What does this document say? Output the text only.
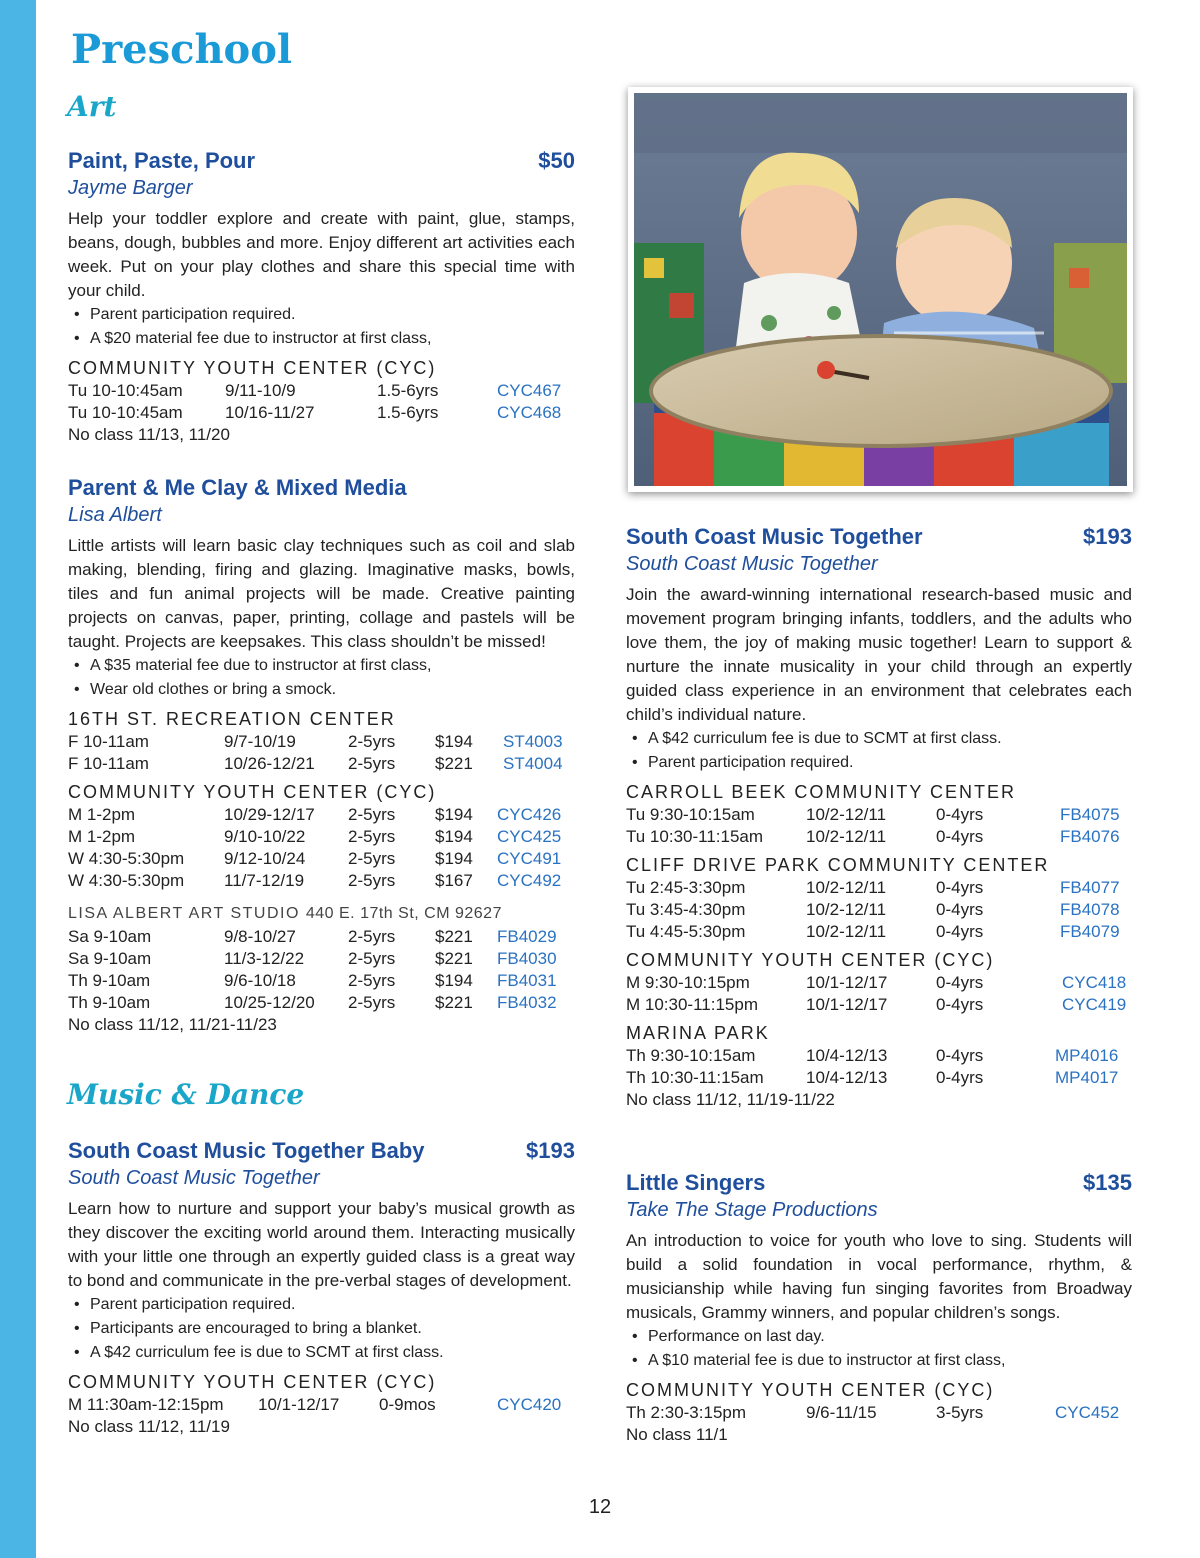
Preschool
Art
Paint, Paste, Pour	$50
Jayme Barger

Help your toddler explore and create with paint, glue, stamps, beans, dough, bubbles and more. Enjoy different art activities each week. Put on your play clothes and share this special time with your child.

• Parent participation required.
• A $20 material fee due to instructor at first class,
COMMUNITY YOUTH CENTER (CYC)
Tu 10-10:45am 9/11-10/9	1.5-6yrs	CYC467
Tu 10-10:45am 10/16-11/27	1.5-6yrs	CYC468
No class 11/13, 11/20
Parent & Me Clay & Mixed Media
Lisa Albert

Little artists will learn basic clay techniques such as coil and slab making, blending, firing and glazing. Imaginative masks, bowls, tiles and fun animal projects will be made. Creative painting projects on canvas, paper, printing, collage and pastels will be taught. Projects are keepsakes. This class shouldn’t be missed!

• A $35 material fee due to instructor at first class,
• Wear old clothes or bring a smock.
16TH ST. RECREATION CENTER
F 10-11am	9/7-10/19	2-5yrs $194 ST4003
F 10-11am	10/26-12/21 2-5yrs $221 ST4004
COMMUNITY YOUTH CENTER (CYC)
M 1-2pm	10/29-12/17 2-5yrs $194 CYC426
M 1-2pm	9/10-10/22	2-5yrs $194 CYC425
W 4:30-5:30pm 9/12-10/24	2-5yrs $194 CYC491
W 4:30-5:30pm 11/7-12/19	2-5yrs $167 CYC492
LISA ALBERT ART STUDIO 440 E. 17th St, CM 92627
Sa 9-10am	9/8-10/27	2-5yrs $221 FB4029
Sa 9-10am	11/3-12/22	2-5yrs $221 FB4030
Th 9-10am	9/6-10/18	2-5yrs $194 FB4031
Th 9-10am	10/25-12/20 2-5yrs $221 FB4032
No class 11/12, 11/21-11/23
Music & Dance
South Coast Music Together Baby	$193
South Coast Music Together

Learn how to nurture and support your baby’s musical growth as they discover the exciting world around them. Interacting musically with your little one through an expertly guided class is a great way to bond and communicate in the pre-verbal stages of development.

• Parent participation required.
• Participants are encouraged to bring a blanket.
• A $42 curriculum fee is due to SCMT at first class.
COMMUNITY YOUTH CENTER (CYC)
M 11:30am-12:15pm 10/1-12/17 0-9mos	CYC420
No class 11/12, 11/19
South Coast Music Together	$193
South Coast Music Together

Join the award-winning international research-based music and movement program bringing infants, toddlers, and the adults who love them, the joy of making music together! Learn to support & nurture the innate musicality in your child through an expertly guided class experience in an environment that celebrates each child’s individual nature.

• A $42 curriculum fee is due to SCMT at first class.
• Parent participation required.
CARROLL BEEK COMMUNITY CENTER
Tu 9:30-10:15am	10/2-12/11	0-4yrs	FB4075
Tu 10:30-11:15am	10/2-12/11	0-4yrs	FB4076
CLIFF DRIVE PARK COMMUNITY CENTER
Tu 2:45-3:30pm	10/2-12/11	0-4yrs	FB4077
Tu 3:45-4:30pm	10/2-12/11	0-4yrs	FB4078
Tu 4:45-5:30pm	10/2-12/11	0-4yrs	FB4079
COMMUNITY YOUTH CENTER (CYC)
M 9:30-10:15pm	10/1-12/17	0-4yrs	CYC418
M 10:30-11:15pm	10/1-12/17	0-4yrs	CYC419
MARINA PARK
Th 9:30-10:15am	10/4-12/13	0-4yrs	MP4016
Th 10:30-11:15am 10/4-12/13	0-4yrs	MP4017
No class 11/12, 11/19-11/22
Little Singers	$135
Take The Stage Productions

An introduction to voice for youth who love to sing. Students will build a solid foundation in vocal performance, rhythm, & musicianship while having fun singing favorites from Broadway musicals, Grammy winners, and popular children’s songs.

• Performance on last day.
• A $10 material fee is due to instructor at first class,
COMMUNITY YOUTH CENTER (CYC)
Th 2:30-3:15pm	9/6-11/15	3-5yrs	CYC452
No class 11/1
12
